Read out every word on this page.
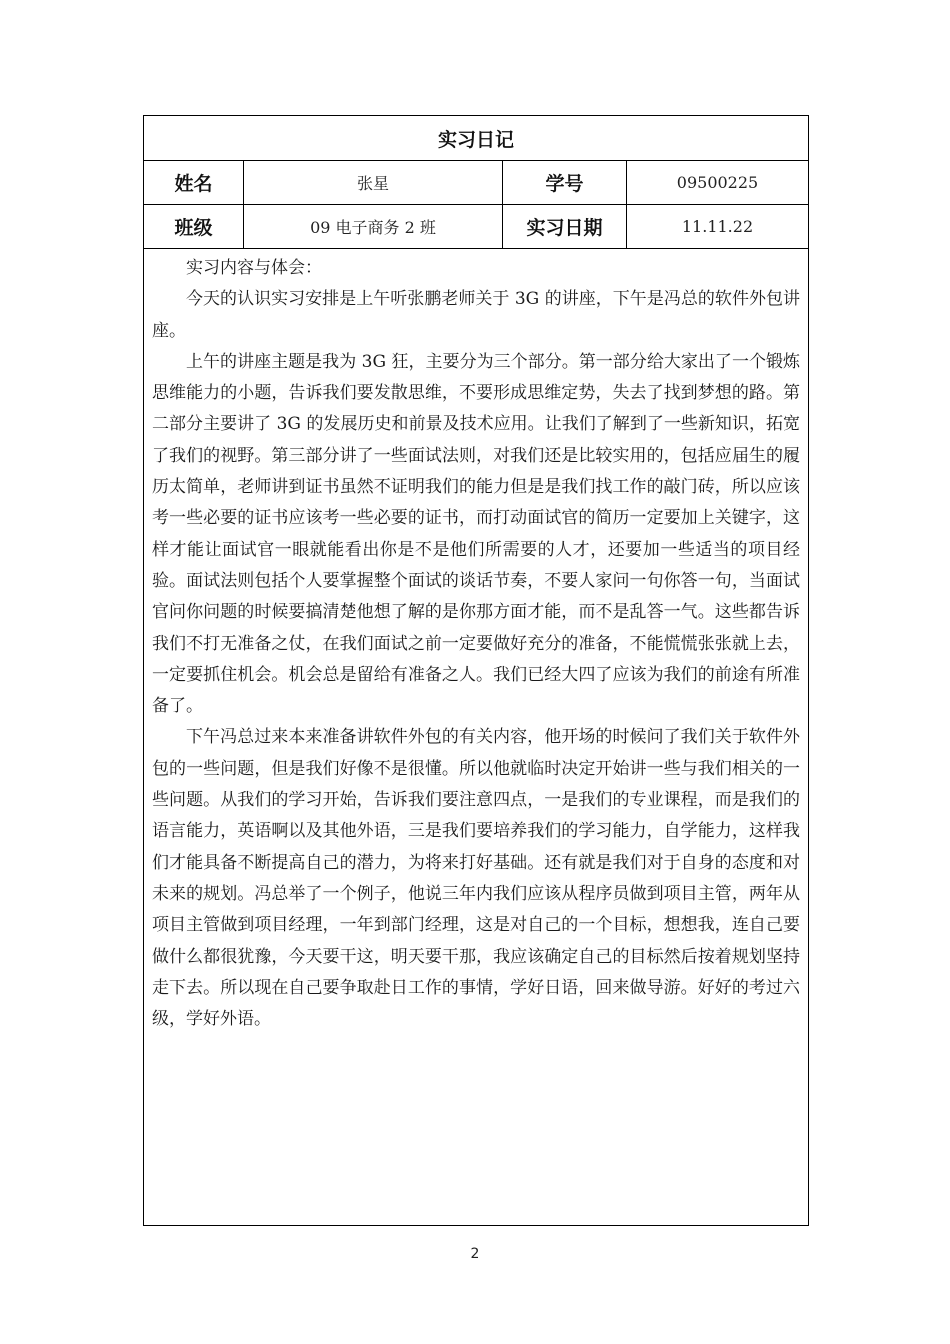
实习日记			
姓名	张星	学号	09500225
班级	09 电子商务 2 班	实习日期	11.11.22

实习内容与体会：

今天的认识实习安排是上午听张鹏老师关于 3G 的讲座，下午是冯总的软件外包讲座。

上午的讲座主题是我为 3G 狂，主要分为三个部分。第一部分给大家出了一个锻炼思维能力的小题，告诉我们要发散思维，不要形成思维定势，失去了找到梦想的路。第二部分主要讲了 3G 的发展历史和前景及技术应用。让我们了解到了一些新知识，拓宽了我们的视野。第三部分讲了一些面试法则，对我们还是比较实用的，包括应届生的履历太简单，老师讲到证书虽然不证明我们的能力但是是我们找工作的敲门砖，所以应该考一些必要的证书应该考一些必要的证书，而打动面试官的简历一定要加上关键字，这样才能让面试官一眼就能看出你是不是他们所需要的人才，还要加一些适当的项目经验。面试法则包括个人要掌握整个面试的谈话节奏，不要人家问一句你答一句，当面试官问你问题的时候要搞清楚他想了解的是你那方面才能，而不是乱答一气。这些都告诉我们不打无准备之仗，在我们面试之前一定要做好充分的准备，不能慌慌张张就上去，一定要抓住机会。机会总是留给有准备之人。我们已经大四了应该为我们的前途有所准备了。

下午冯总过来本来准备讲软件外包的有关内容，他开场的时候问了我们关于软件外包的一些问题，但是我们好像不是很懂。所以他就临时决定开始讲一些与我们相关的一些问题。从我们的学习开始，告诉我们要注意四点，一是我们的专业课程，而是我们的语言能力，英语啊以及其他外语，三是我们要培养我们的学习能力，自学能力，这样我们才能具备不断提高自己的潜力，为将来打好基础。还有就是我们对于自身的态度和对未来的规划。冯总举了一个例子，他说三年内我们应该从程序员做到项目主管，两年从项目主管做到项目经理，一年到部门经理，这是对自己的一个目标，想想我，连自己要做什么都很犹豫，今天要干这，明天要干那，我应该确定自己的目标然后按着规划坚持走下去。所以现在自己要争取赴日工作的事情，学好日语，回来做导游。好好的考过六级，学好外语。			

2
